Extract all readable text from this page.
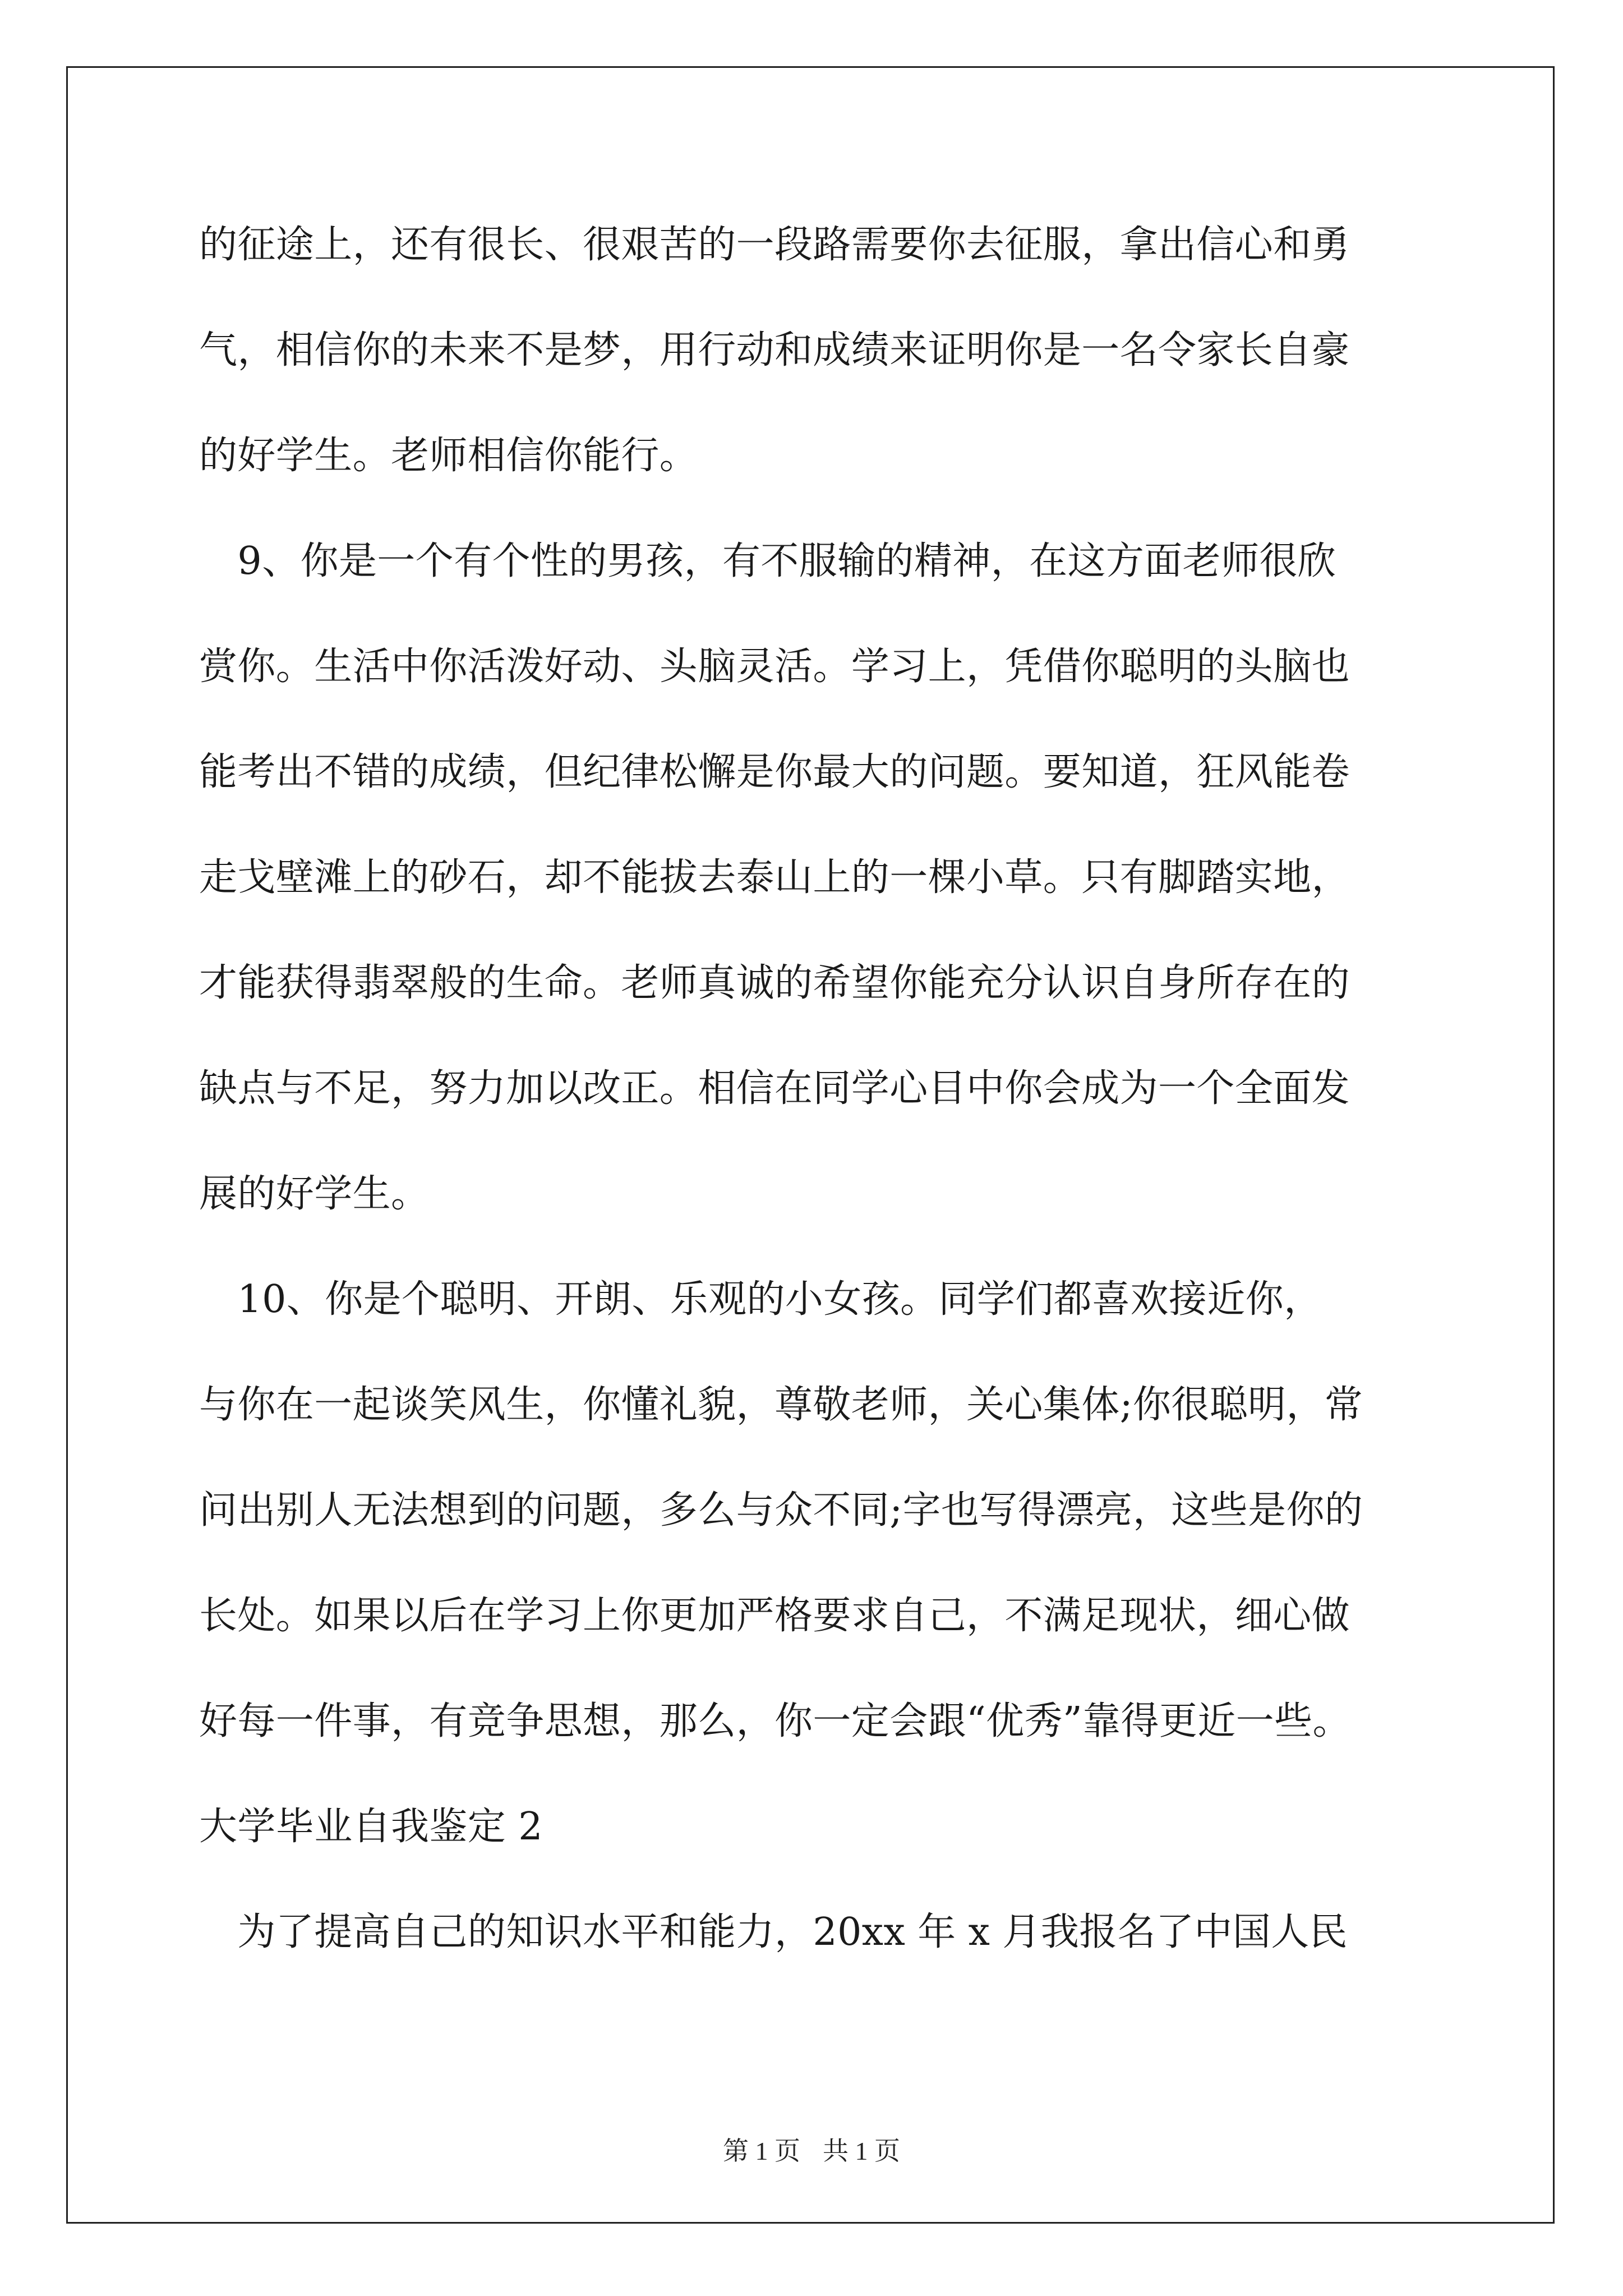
的征途上，还有很长、很艰苦的一段路需要你去征服，拿出信心和勇
气，相信你的未来不是梦，用行动和成绩来证明你是一名令家长自豪
的好学生。老师相信你能行。
　9、你是一个有个性的男孩，有不服输的精神，在这方面老师很欣
赏你。生活中你活泼好动、头脑灵活。学习上，凭借你聪明的头脑也
能考出不错的成绩，但纪律松懈是你最大的问题。要知道，狂风能卷
走戈壁滩上的砂石，却不能拔去泰山上的一棵小草。只有脚踏实地，
才能获得翡翠般的生命。老师真诚的希望你能充分认识自身所存在的
缺点与不足，努力加以改正。相信在同学心目中你会成为一个全面发
展的好学生。
　10、你是个聪明、开朗、乐观的小女孩。同学们都喜欢接近你，
与你在一起谈笑风生，你懂礼貌，尊敬老师，关心集体;你很聪明，常
问出别人无法想到的问题，多么与众不同;字也写得漂亮，这些是你的
长处。如果以后在学习上你更加严格要求自己，不满足现状，细心做
好每一件事，有竞争思想，那么，你一定会跟“优秀”靠得更近一些。
大学毕业自我鉴定 2
　为了提高自己的知识水平和能力，20xx 年 x 月我报名了中国人民
第 1 页 共 1 页
